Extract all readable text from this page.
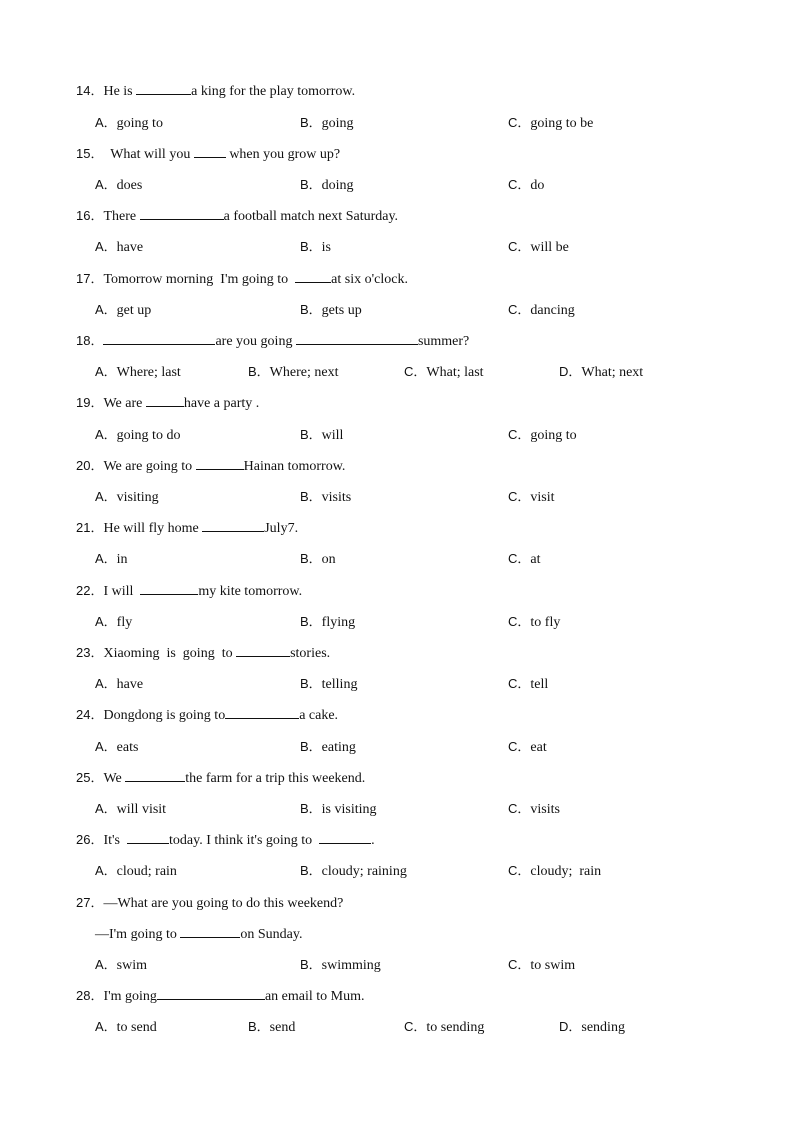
14．He is	a king for the play tomorrow.
A．going to	B．going	C．going to be
15．  What will you  when you grow up?
A．does	B．doing	C．do
16．There	a football match next Saturday.
A．have	B．is	C．will be
17．Tomorrow morning  I'm going to	at six o'clock.
A．get up	B．gets up	C．dancing
18．	are you going	summer?
A．Where; last	B．Where; next	C．What; last	D．What; next
19．We are	have a party .
A．going to do	B．will	C．going to
20．We are going to	Hainan tomorrow.
A．visiting	B．visits	C．visit
21．He will fly home	July7.
A．in	B．on	C．at
22．I will	my kite tomorrow.
A．fly	B．flying	C．to fly
23．Xiaoming  is  going  to	stories.
A．have	B．telling	C．tell
24．Dongdong is going to	a cake.
A．eats	B．eating	C．eat
25．We	the farm for a trip this weekend.
A．will visit	B．is visiting	C．visits
26．It's	today. I think it's going to	.
A．cloud; rain	B．cloudy; raining	C．cloudy;  rain
27．—What are you going to do this weekend?
—I'm going to	on Sunday.
A．swim	B．swimming	C．to swim
28．I'm going	an email to Mum.
A．to send	B．send	C．to sending	D．sending
